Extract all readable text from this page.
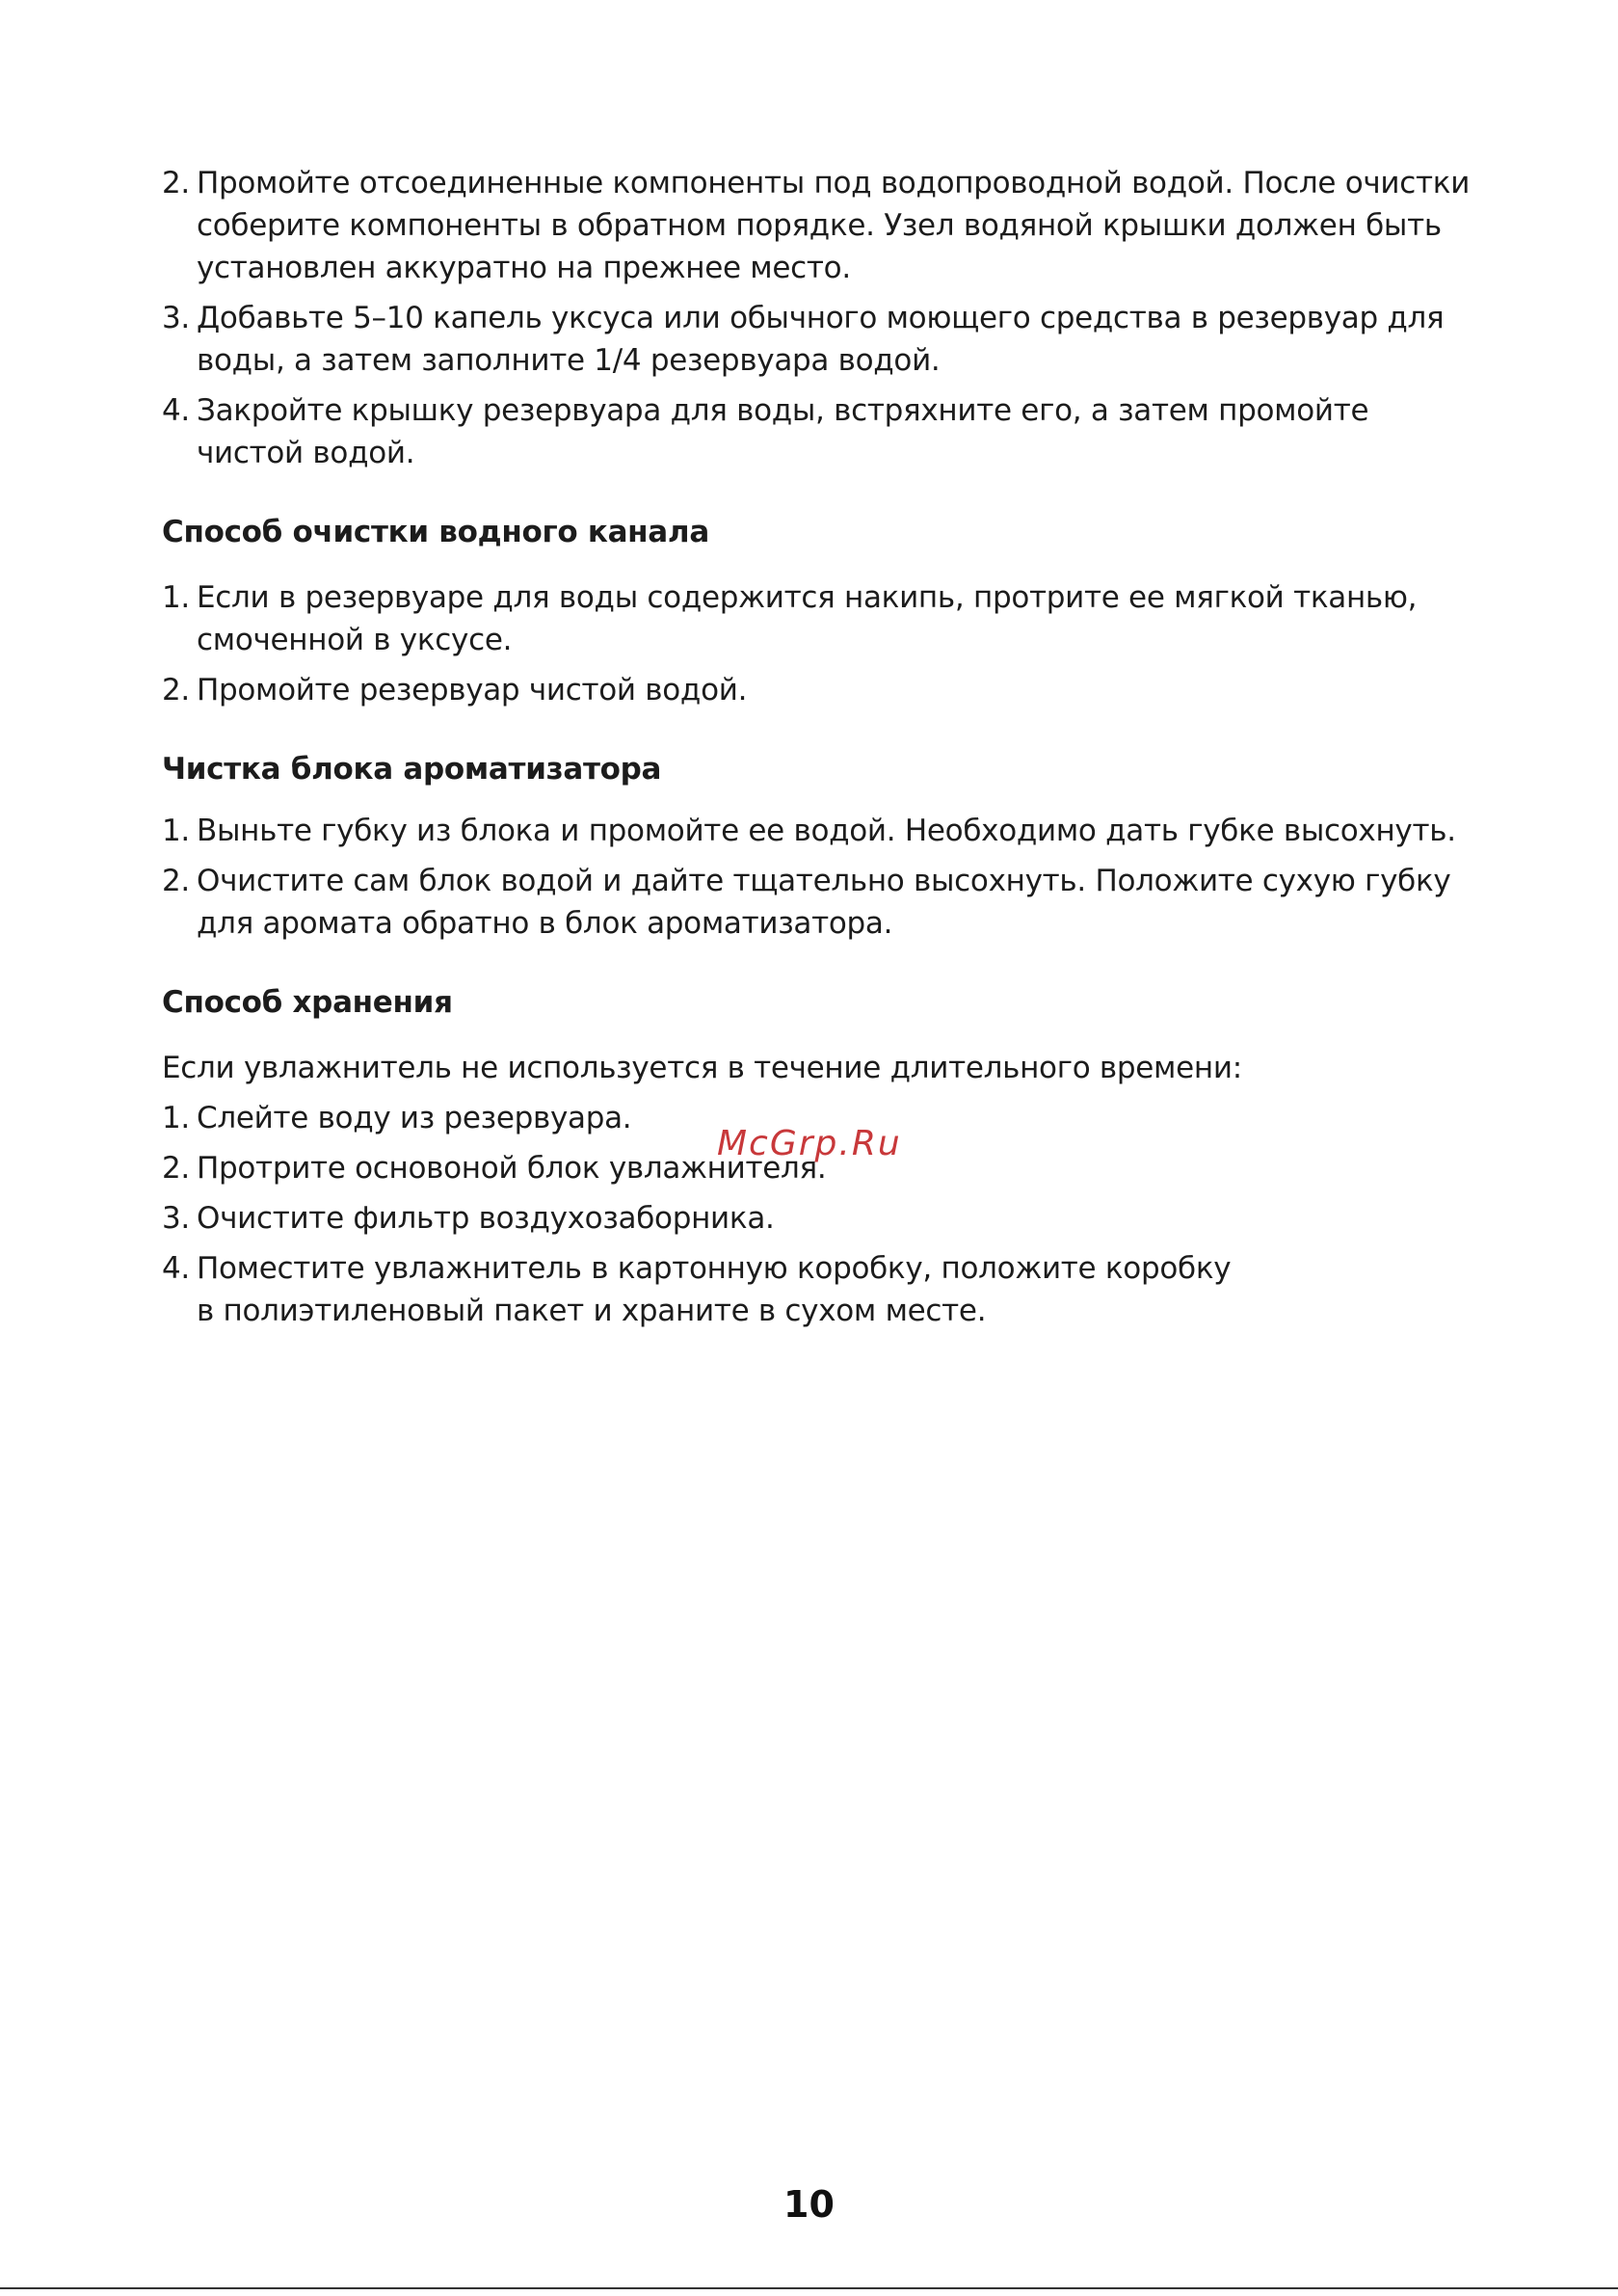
2. Промойте отсоединенные компоненты под водопроводной водой. После очистки соберите компоненты в обратном порядке. Узел водяной крышки должен быть установлен аккуратно на прежнее место.
3. Добавьте 5–10 капель уксуса или обычного моющего средства в резервуар для воды, а затем заполните 1/4 резервуара водой.
4. Закройте крышку резервуара для воды, встряхните его, а затем промойте чистой водой.
Способ очистки водного канала
1. Если в резервуаре для воды содержится накипь, протрите ее мягкой тканью, смоченной в уксусе.
2. Промойте резервуар чистой водой.
Чистка блока ароматизатора
1. Выньте губку из блока и промойте ее водой. Необходимо дать губке высохнуть.
2. Очистите сам блок водой и дайте тщательно высохнуть. Положите сухую губку для аромата обратно в блок ароматизатора.
Способ хранения
Если увлажнитель не используется в течение длительного времени:
1. Слейте воду из резервуара.
2. Протрите основоной блок увлажнителя.
3. Очистите фильтр воздухозаборника.
4. Поместите увлажнитель в картонную коробку, положите коробку в полиэтиленовый пакет и храните в сухом месте.
McGrp.Ru
10
